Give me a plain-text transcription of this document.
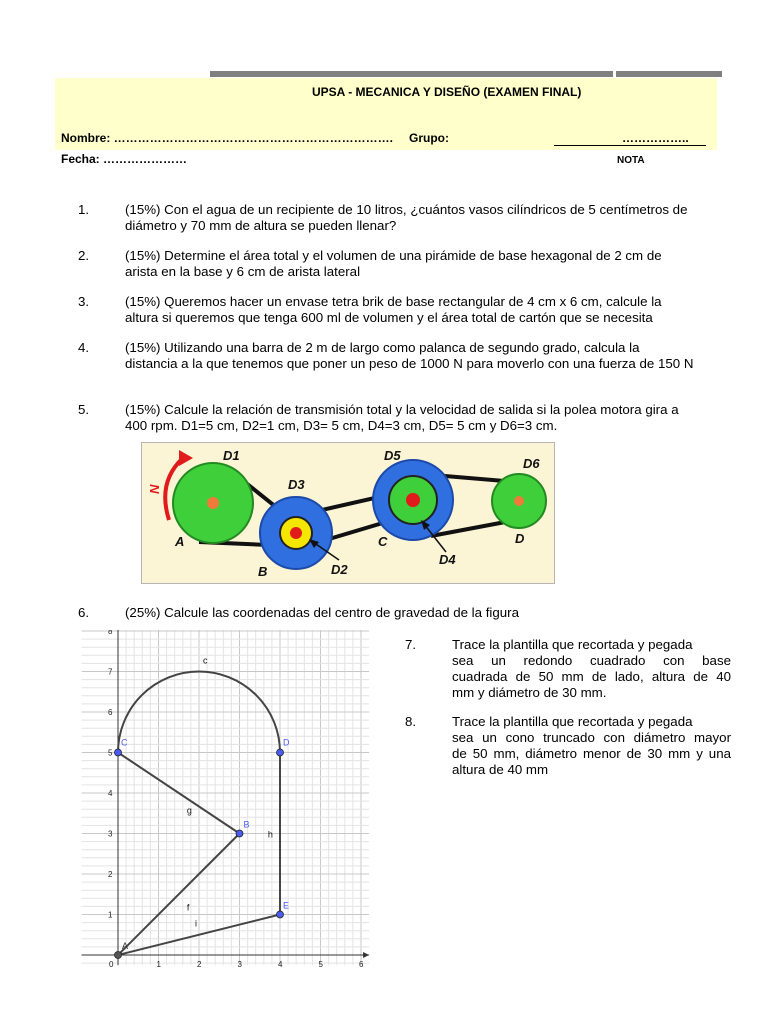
UPSA - MECANICA Y DISEÑO (EXAMEN FINAL)
Nombre: ……………………………………………………………. Grupo:	……………..
Fecha: …………………	NOTA
1.	(15%) Con el agua de un recipiente de 10 litros, ¿cuántos vasos cilíndricos de 5 centímetros de
diámetro y 70 mm de altura se pueden llenar?
2.	(15%) Determine el área total y el volumen de una pirámide de base hexagonal de 2 cm de
arista en la base y 6 cm de arista lateral
3.	(15%) Queremos hacer un envase tetra brik de base rectangular de 4 cm x 6 cm, calcule la
altura si queremos que tenga 600 ml de volumen y el área total de cartón que se necesita
4.	(15%) Utilizando una barra de 2 m de largo como palanca de segundo grado, calcula la
distancia a la que tenemos que poner un peso de 1000 N para moverlo con una fuerza de 150 N
5.	(15%) Calcule la relación de transmisión total y la velocidad de salida si la polea motora gira a
400 rpm. D1=5 cm, D2=1 cm, D3= 5 cm, D4=3 cm, D5= 5 cm y D6=3 cm.
D1
D3
D5
D6
D2
D4
A
B
C	D
N
6.	(25%) Calcule las coordenadas del centro de gravedad de la figura
0	1	2	3	4	5	6
1
2
3
4
5
6
7
8
A
B
C	D
E
c
g
h
f
i
7.	Trace la plantilla que recortada y pegada
sea un redondo cuadrado con base
cuadrada de 50 mm de lado, altura de 40
mm y diámetro de 30 mm.
8.	Trace la plantilla que recortada y pegada
sea un cono truncado con diámetro mayor
de 50 mm, diámetro menor de 30 mm y una
altura de 40 mm
